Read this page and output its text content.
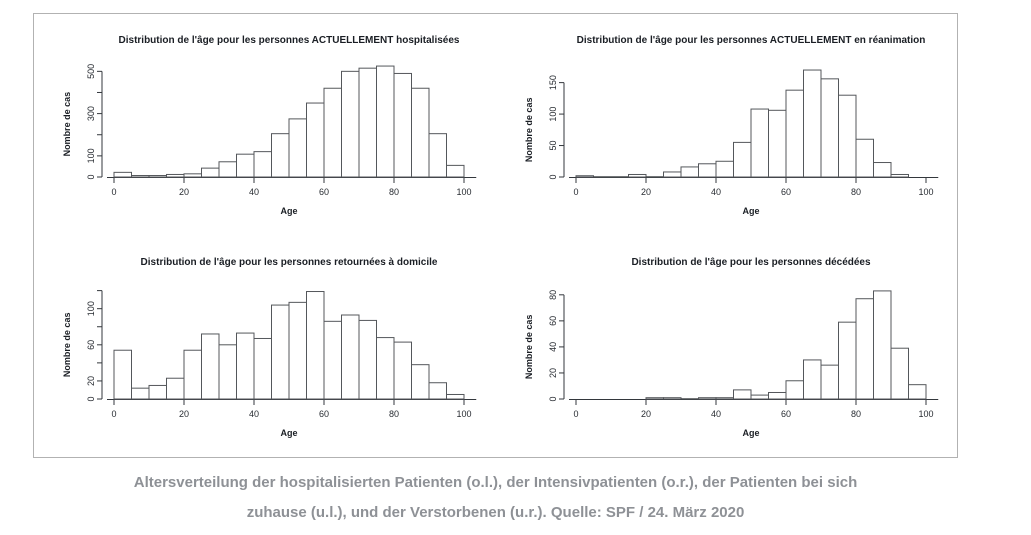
Distribution de l'âge pour les personnes ACTUELLEMENT hospitalisées
0
100
300
500
Nombre de cas
0	20	40	60	80	100
Age
Distribution de l'âge pour les personnes ACTUELLEMENT en réanimation
0
50
100
150
Nombre de cas
0	20	40	60	80	100
Age
Distribution de l'âge pour les personnes retournées à domicile
0
20
60
100
Nombre de cas
0	20	40	60	80	100
Age
Distribution de l'âge pour les personnes décédées
0
20
40
60
80
Nombre de cas
0	20	40	60	80	100
Age
Altersverteilung der hospitalisierten Patienten (o.l.), der Intensivpatienten (o.r.), der Patienten bei sich
zuhause (u.l.), und der Verstorbenen (u.r.). Quelle: SPF / 24. März 2020
